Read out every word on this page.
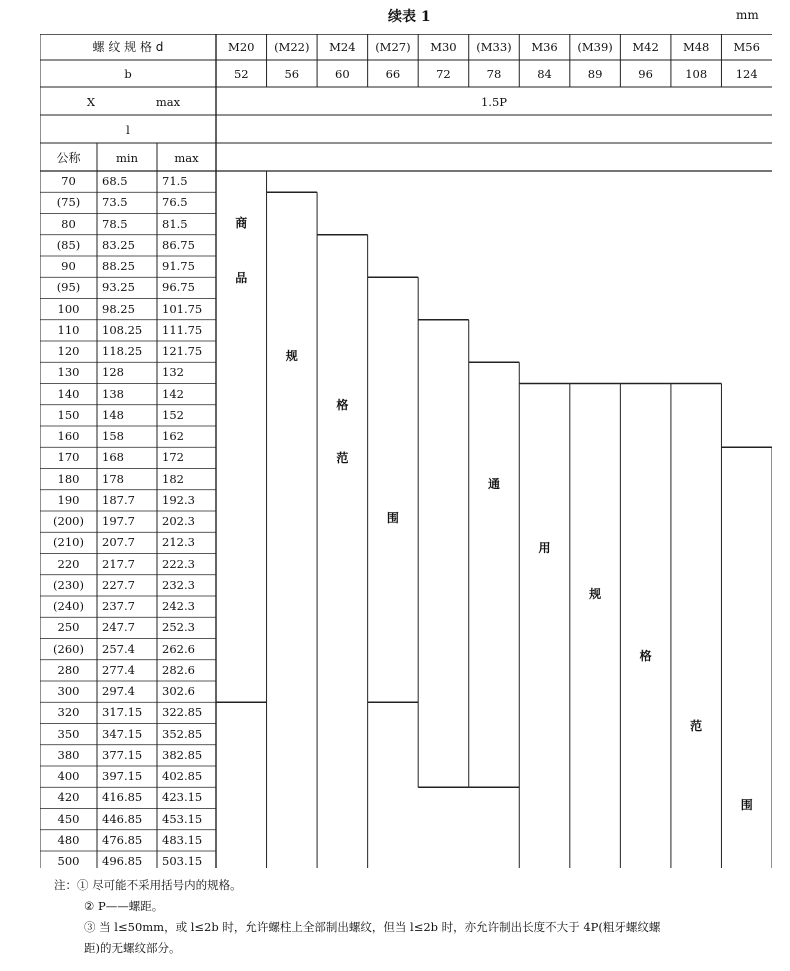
续表 1	mm
螺 纹 规 格 d	M20	(M22)	M24	(M27)	M30	(M33)	M36	(M39)	M42	M48	M56
b	52	56	60	66	72	78	84	89	96	108	124
X	max	1.5P
l
公称	min	max
70	68.5	71.5
(75)	73.5	76.5
80	78.5	81.5
(85)	83.25 86.75
90	88.25 91.75
(95)	93.25 96.75
100	98.25 101.75
110	108.25 111.75
120	118.25 121.75
130	128	132
140	138	142
150	148	152
160	158	162
170	168	172
180	178	182
190	187.7 192.3
(200)	197.7 202.3
(210)	207.7 212.3
220	217.7 222.3
(230)	227.7 232.3
(240)	237.7 242.3
250	247.7 252.3
(260)	257.4 262.6
280	277.4 282.6
300	297.4 302.6
320	317.15 322.85
350	347.15 352.85
380	377.15 382.85
400	397.15 402.85
420	416.85 423.15
450	446.85 453.15
480	476.85 483.15
500	496.85 503.15
商
品
规
格
范
围
通
用
规
格
范
围
注：① 尽可能不采用括号内的规格。
② P——螺距。
③ 当 l≤50mm，或 l≤2b 时，允许螺柱上全部制出螺纹，但当 l≤2b 时，亦允许制出长度不大于 4P(粗牙螺纹螺
距)的无螺纹部分。
